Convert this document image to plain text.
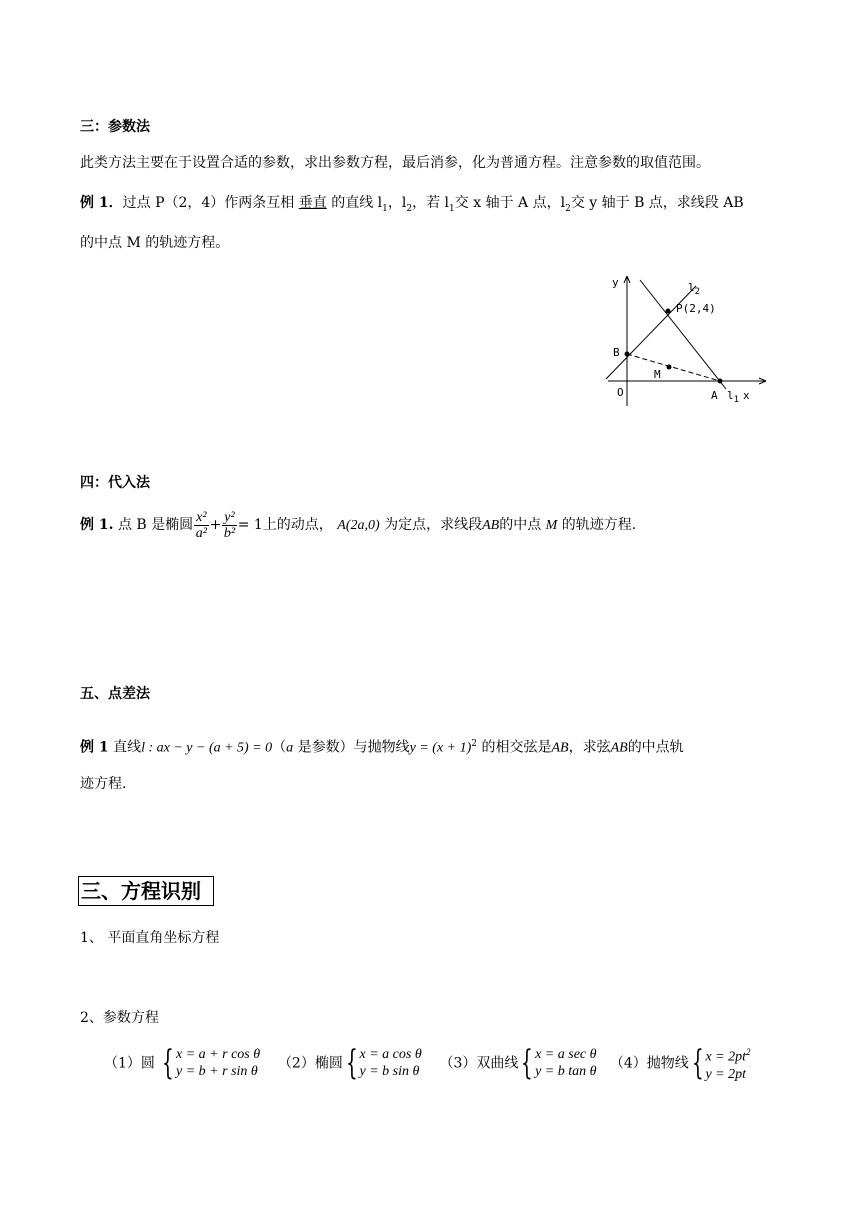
三：参数法
此类方法主要在于设置合适的参数，求出参数方程，最后消参，化为普通方程。注意参数的取值范围。
例 1．过点 P（2，4）作两条互相 垂直 的直线 $l_1$，$l_2$，若 $l_1$交 x 轴于 A 点，$l_2$交 y 轴于 B 点，求线段 AB
的中点 M 的轨迹方程。
y	$l_2$
P(2,4)
B
M
O	A $l_1$ x
四：代入法
例 1. 点 B 是椭圆 $\frac{\text{x²}}{\text{a²}} + \frac{\text{y²}}{\text{b²}} = 1$上的动点， A(2a,0) 为定点，求线段AB的中点 M 的轨迹方程.
五、点差法
例 1 直线l : ax − y − (a + 5) = 0（a 是参数）与抛物线$y = (x + 1)^2$ 的相交弦是AB，求弦AB的中点轨
迹方程.
三、方程识别
1、 平面直角坐标方程
2、参数方程
（1）圆 { x = a + r cos θ
y = b + r sin θ    （2）椭圆{ x = a cos θ
y = b sin θ    （3）双曲线{ x = a sec θ
y = b tan θ   （4）抛物线{ $x = 2pt^2$
y = 2pt
